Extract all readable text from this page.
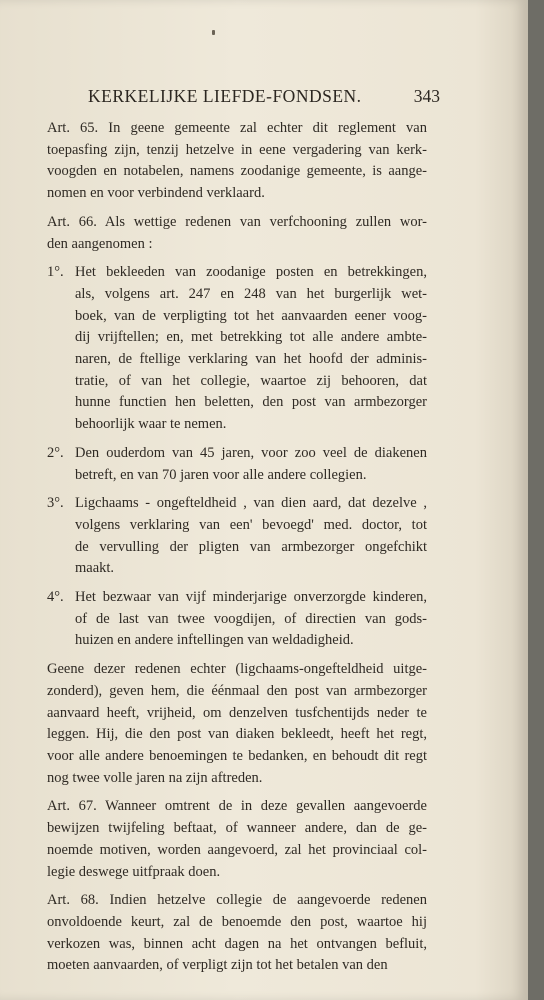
KERKELIJKE LIEFDE-FONDSEN.	343
Art. 65. In geene gemeente zal echter dit reglement van
toepasfing zijn, tenzij hetzelve in eene vergadering van kerk-
voogden en notabelen, namens zoodanige gemeente, is aange-
nomen en voor verbindend verklaard.
Art. 66. Als wettige redenen van verfchooning zullen wor-
den aangenomen :
1°. Het bekleeden van zoodanige posten en betrekkingen,
als, volgens art. 247 en 248 van het burgerlijk wet-
boek, van de verpligting tot het aanvaarden eener voog-
dij vrijftellen; en, met betrekking tot alle andere ambte-
naren, de ftellige verklaring van het hoofd der adminis-
tratie, of van het collegie, waartoe zij behooren, dat
hunne functien hen beletten, den post van armbezorger
behoorlijk waar te nemen.
2°. Den ouderdom van 45 jaren, voor zoo veel de diakenen
betreft, en van 70 jaren voor alle andere collegien.
3°. Ligchaams - ongefteldheid , van dien aard, dat dezelve ,
volgens verklaring van een' bevoegd' med. doctor, tot
de vervulling der pligten van armbezorger ongefchikt
maakt.
4°. Het bezwaar van vijf minderjarige onverzorgde kinderen,
of de last van twee voogdijen, of directien van gods-
huizen en andere inftellingen van weldadigheid.
Geene dezer redenen echter (ligchaams-ongefteldheid uitge-
zonderd), geven hem, die éénmaal den post van armbezorger
aanvaard heeft, vrijheid, om denzelven tusfchentijds neder te
leggen. Hij, die den post van diaken bekleedt, heeft het regt,
voor alle andere benoemingen te bedanken, en behoudt dit regt
nog twee volle jaren na zijn aftreden.
Art. 67. Wanneer omtrent de in deze gevallen aangevoerde
bewijzen twijfeling beftaat, of wanneer andere, dan de ge-
noemde motiven, worden aangevoerd, zal het provinciaal col-
legie deswege uitfpraak doen.
Art. 68. Indien hetzelve collegie de aangevoerde redenen
onvoldoende keurt, zal de benoemde den post, waartoe hij
verkozen was, binnen acht dagen na het ontvangen befluit,
moeten aanvaarden, of verpligt zijn tot het betalen van den
